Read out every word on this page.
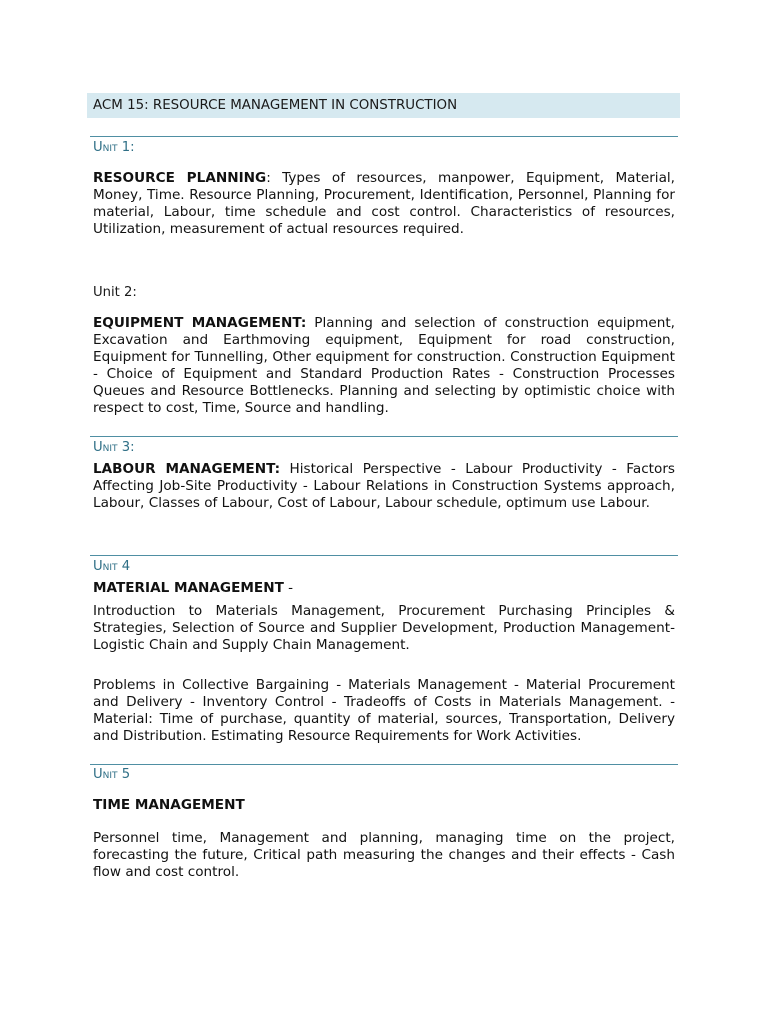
ACM 15: RESOURCE MANAGEMENT IN CONSTRUCTION
Unit 1:

RESOURCE PLANNING: Types of resources, manpower, Equipment, Material, Money, Time. Resource Planning, Procurement, Identification, Personnel, Planning for material, Labour, time schedule and cost control. Characteristics of resources, Utilization, measurement of actual resources required.

Unit 2:

EQUIPMENT MANAGEMENT: Planning and selection of construction equipment, Excavation and Earthmoving equipment, Equipment for road construction, Equipment for Tunnelling, Other equipment for construction. Construction Equipment - Choice of Equipment and Standard Production Rates - Construction Processes Queues and Resource Bottlenecks. Planning and selecting by optimistic choice with respect to cost, Time, Source and handling.

Unit 3:

LABOUR MANAGEMENT: Historical Perspective - Labour Productivity - Factors Affecting Job-Site Productivity - Labour Relations in Construction Systems approach, Labour, Classes of Labour, Cost of Labour, Labour schedule, optimum use Labour.

Unit 4
MATERIAL MANAGEMENT -

Introduction to Materials Management, Procurement Purchasing Principles & Strategies, Selection of Source and Supplier Development, Production Management-Logistic Chain and Supply Chain Management.

Problems in Collective Bargaining - Materials Management - Material Procurement and Delivery - Inventory Control - Tradeoffs of Costs in Materials Management. - Material: Time of purchase, quantity of material, sources, Transportation, Delivery and Distribution. Estimating Resource Requirements for Work Activities.

Unit 5
TIME MANAGEMENT

Personnel time, Management and planning, managing time on the project, forecasting the future, Critical path measuring the changes and their effects - Cash flow and cost control.
